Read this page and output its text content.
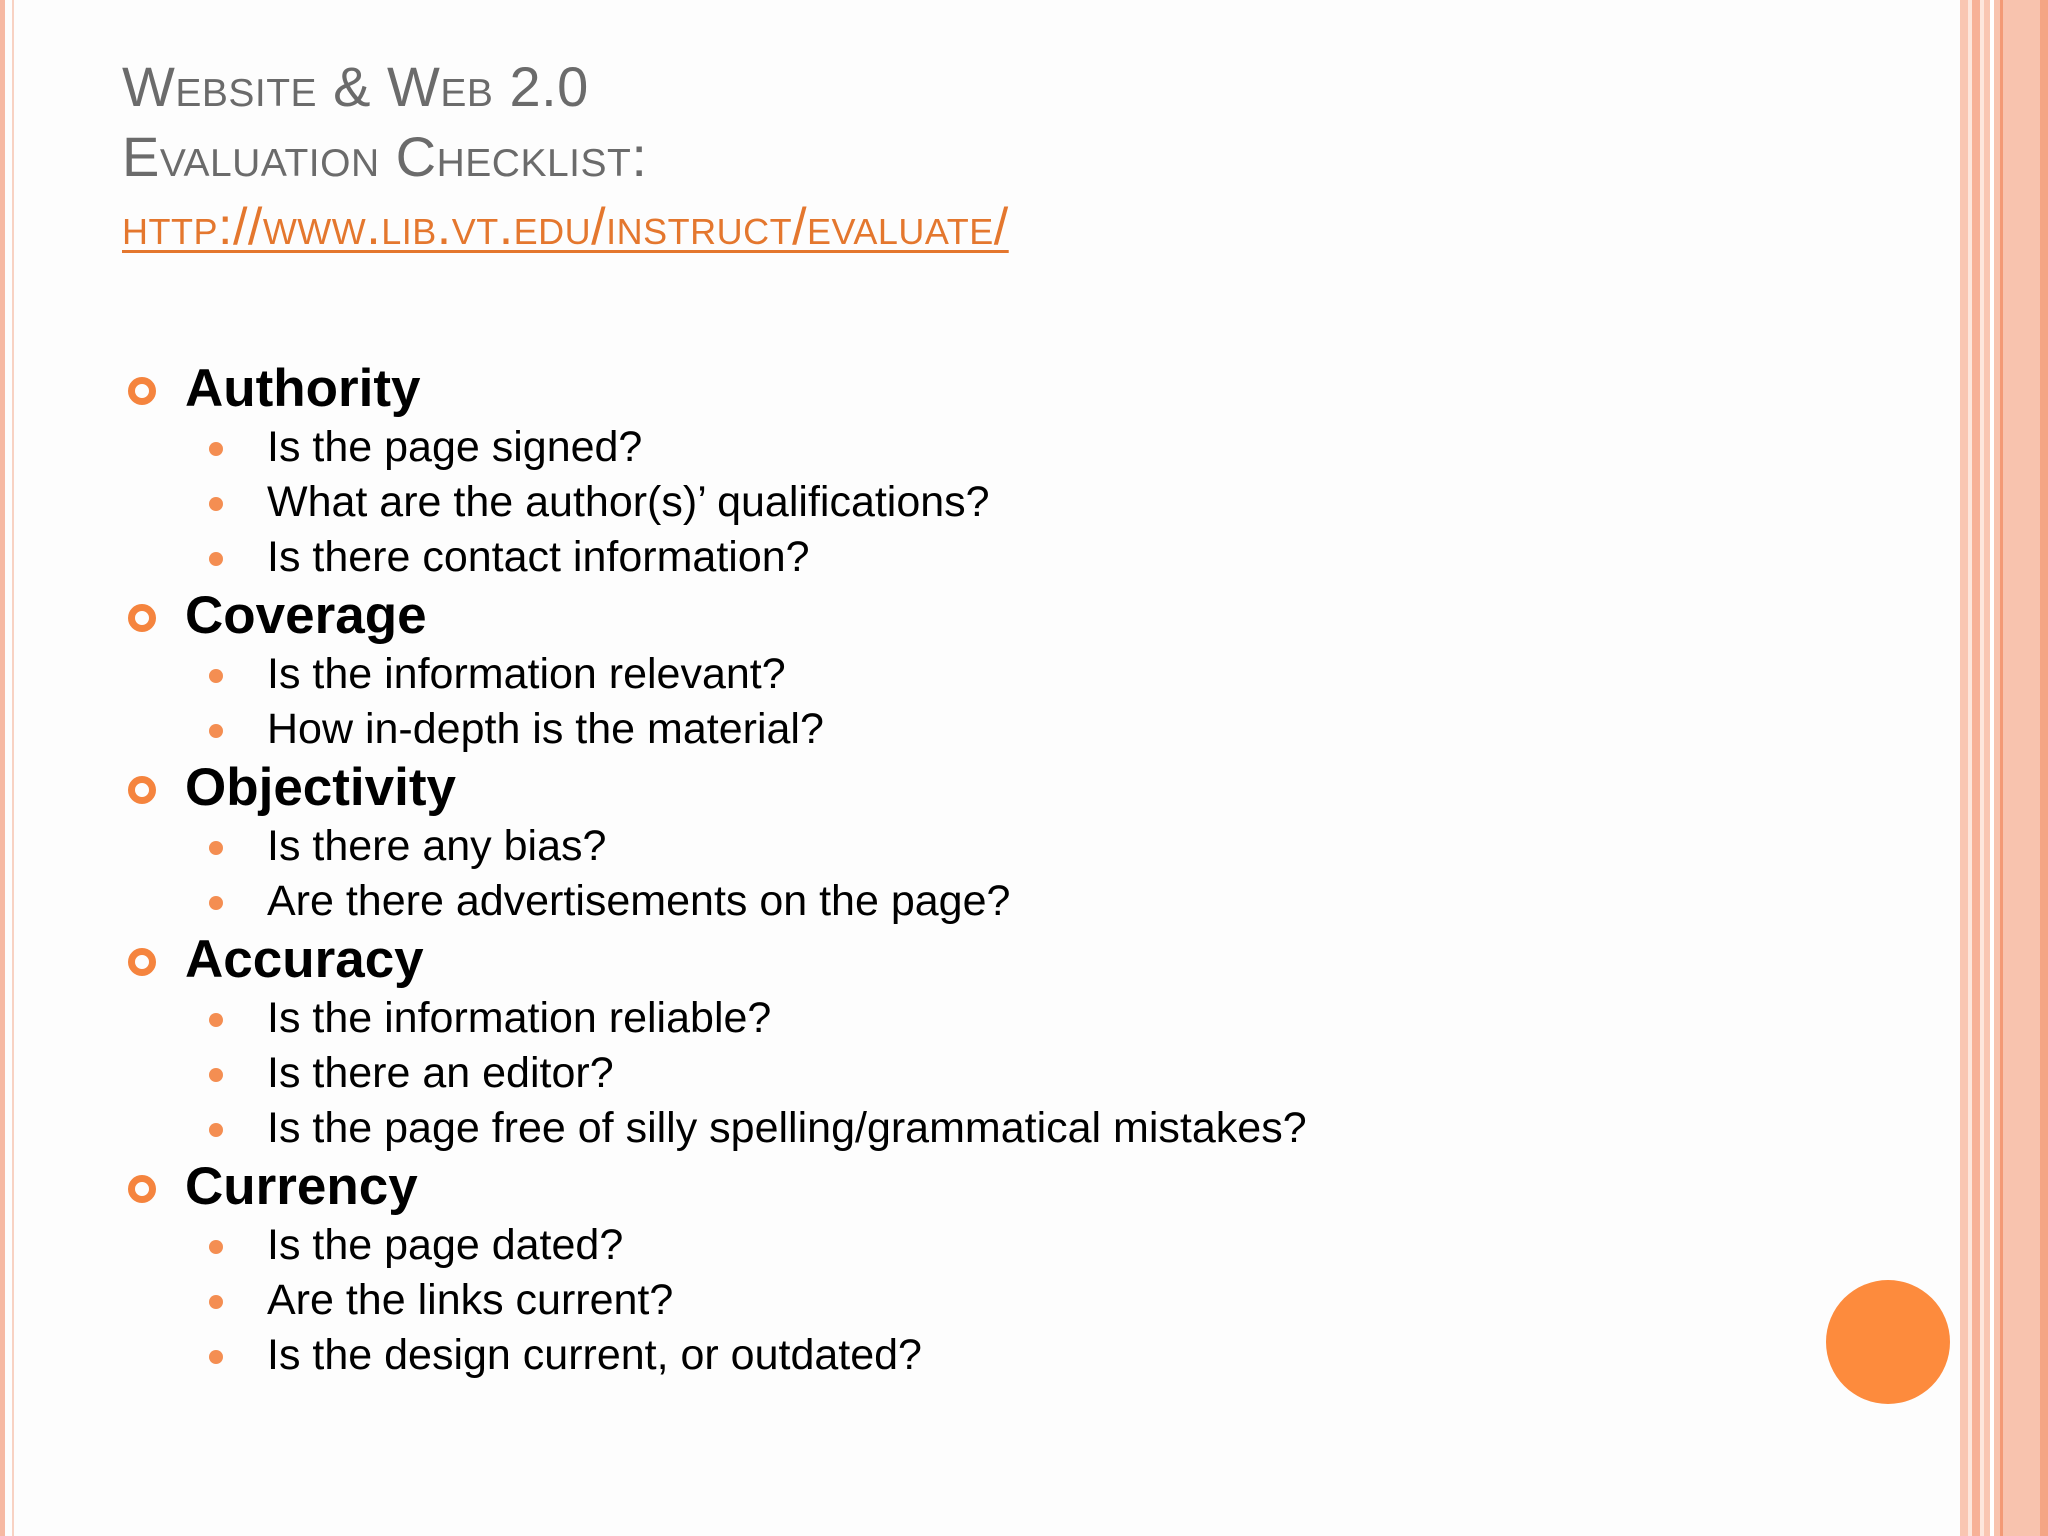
Website & Web 2.0
Evaluation Checklist:
http://www.lib.vt.edu/instruct/evaluate/
Authority
Is the page signed?
What are the author(s)’ qualifications?
Is there contact information?
Coverage
Is the information relevant?
How in-depth is the material?
Objectivity
Is there any bias?
Are there advertisements on the page?
Accuracy
Is the information reliable?
Is there an editor?
Is the page free of silly spelling/grammatical mistakes?
Currency
Is the page dated?
Are the links current?
Is the design current, or outdated?
